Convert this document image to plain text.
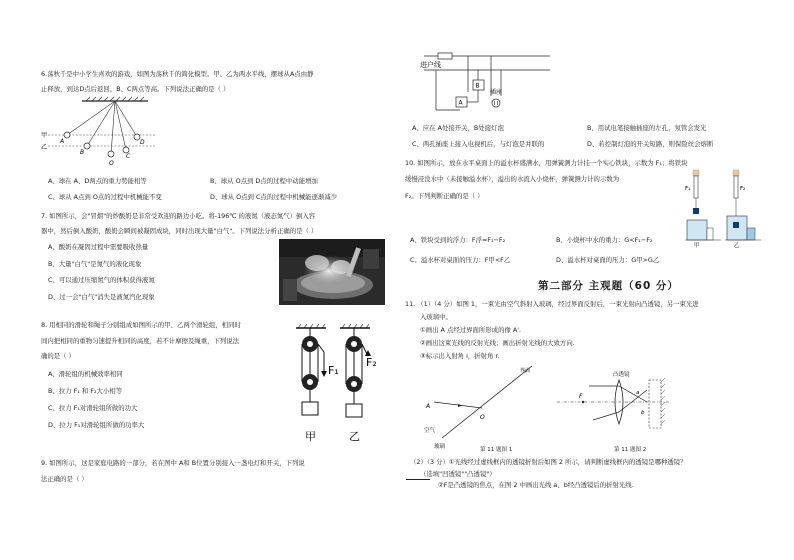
6.荡秋千是中小学生喜欢的游戏，如图为荡秋千的简化模型。甲、乙为两水平线，摆球从A点由静
止释放，到达D点后返回，B、C两点等高。下列说法正确的是（ ）
甲
乙
A
B
C
D
O
A、球在 A、D两点的重力势能相等	B、球从 O点到 D点的过程中动能增加
C、球从 A点到 O点的过程中机械能不变	D、球从 O点到 C点的过程中机械能逐渐减少
7. 如图所示，会"冒烟"的炒酸奶是非常受欢迎的路边小吃。将-196℃ 的液氮（液态氮气）倒入容
器中，然后倒入酸奶，酸奶会瞬间被凝固成块，同时出现大量"白气"。下列说法分析正确的是（ ）
A、酸奶在凝固过程中需要吸收热量
B、大量"白气"是氮气的液化现象
C、可以通过压缩氮气的体积获得液氮
D、过一会"白气"消失是液氮汽化现象
8. 用相同的滑轮和绳子分别组成如图所示的甲、乙两个滑轮组，相同时
间内把相同的重物匀速提升相同的高度，若不计摩擦及绳重，下列说法
确的是（ ）
A、滑轮组的机械效率相同
B、拉力 F₁ 和 F₂大小相等
C、拉力 F₁对滑轮组所做的功大
D、拉力 F₁对滑轮组所做的功率大
F₁
甲
F₂
乙
9. 如图所示，这是家庭电路的一部分，若在图中 A和 B位置分别接入一盏电灯和开关，下列说
法正确的是（ ）
进户线
B
A
插座
A、应在 A处接开关，B处接灯泡	B、用试电笔接触插座的左孔，氖管会发光
C、两孔插座上接入电视机后，与灯泡是并联的	D、若控制灯泡的开关短路，则保险丝会熔断
10. 如图所示，放在水平桌面上的溢水杯盛满水，用弹簧测力计挂一个实心铁块，示数为 F₁；将铁块
缓慢浸没水中（未接触溢水杯），溢出的水流入小烧杯，弹簧测力计的示数为
F₂。下列判断正确的是（ ）
F₁
甲
F₂
乙
A、铁块受到的浮力：F浮=F₁−F₂	B、小烧杯中水的重力：G<F₁−F₂
C、溢水杯对桌面的压力：F甲<F乙	D、溢水杯对桌面的压力：G甲>G乙
第二部分 主观题（60 分）
11. （1）（4 分）如图 1，一束光由空气斜射入玻璃，经过界面反射后，一束光射向凸透镜，另一束光进
入玻璃中。
①画出 A 点经过界面所形成的像 A'.
②画出这束光线的反射光线；画出折射光线的大致方向.
③标示出入射角 i，折射角 r.
界面
A
O
空气
玻璃	第 11 题图 1
凸透镜
F	a
b
第 11 题图 2
（2）（3 分）①光线经过虚线框内的透镜折射后如图 2 所示，请判断虚线框内的透镜是哪种透镜？
（选填"凹透镜""凸透镜"）
②F是凸透镜的焦点，在图 2 中画出光线 a、b经凸透镜后的折射光线.
